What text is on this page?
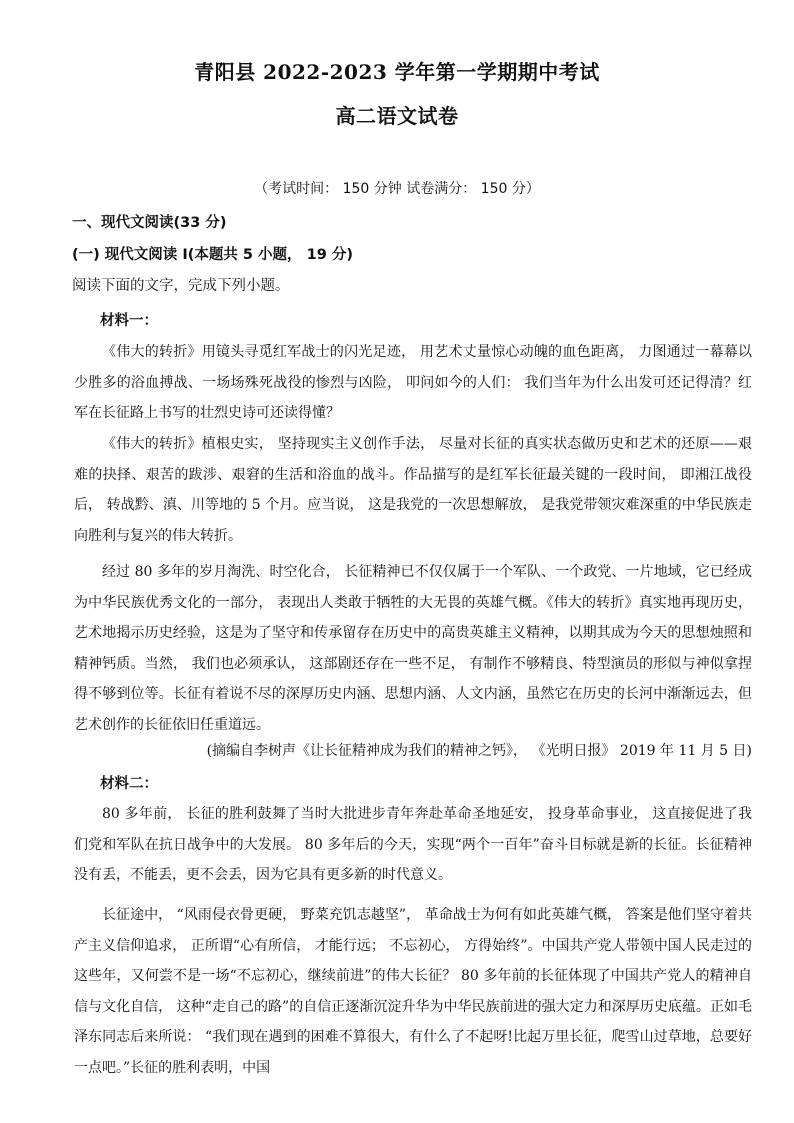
青阳县 2022-2023 学年第一学期期中考试
高二语文试卷
（考试时间： 150 分钟 试卷满分： 150 分）
一、现代文阅读(33 分)
(一) 现代文阅读 Ⅰ(本题共 5 小题， 19 分)
阅读下面的文字，完成下列小题。
材料一：

《伟大的转折》用镜头寻觅红军战士的闪光足迹， 用艺术丈量惊心动魄的血色距离， 力图通过一幕幕以少胜多的浴血搏战、一场场殊死战役的惨烈与凶险， 叩问如今的人们： 我们当年为什么出发可还记得清？红军在长征路上书写的壮烈史诗可还读得懂？

《伟大的转折》植根史实， 坚持现实主义创作手法， 尽量对长征的真实状态做历史和艺术的还原——艰难的抉择、艰苦的跋涉、艰窘的生活和浴血的战斗。作品描写的是红军长征最关键的一段时间， 即湘江战役后， 转战黔、滇、川等地的 5 个月。应当说， 这是我党的一次思想解放， 是我党带领灾难深重的中华民族走向胜利与复兴的伟大转折。

经过 80 多年的岁月淘洗、时空化合， 长征精神已不仅仅属于一个军队、一个政党、一片地域，它已经成为中华民族优秀文化的一部分， 表现出人类敢于牺牲的大无畏的英雄气概。《伟大的转折》真实地再现历史，艺术地揭示历史经验，这是为了坚守和传承留存在历史中的高贵英雄主义精神，以期其成为今天的思想烛照和精神钙质。当然， 我们也必须承认， 这部剧还存在一些不足， 有制作不够精良、特型演员的形似与神似拿捏得不够到位等。长征有着说不尽的深厚历史内涵、思想内涵、人文内涵，虽然它在历史的长河中渐渐远去，但艺术创作的长征依旧任重道远。

(摘编自李树声《让长征精神成为我们的精神之钙》， 《光明日报》 2019 年 11 月 5 日)
材料二：

80 多年前， 长征的胜利鼓舞了当时大批进步青年奔赴革命圣地延安， 投身革命事业， 这直接促进了我们党和军队在抗日战争中的大发展。 80 多年后的今天，实现“两个一百年”奋斗目标就是新的长征。长征精神没有丢，不能丢，更不会丢，因为它具有更多新的时代意义。

长征途中， “风雨侵衣骨更硬， 野菜充饥志越坚”， 革命战士为何有如此英雄气概， 答案是他们坚守着共产主义信仰追求， 正所谓“心有所信， 才能行远； 不忘初心， 方得始终”。中国共产党人带领中国人民走过的这些年，又何尝不是一场“不忘初心，继续前进”的伟大长征？ 80 多年前的长征体现了中国共产党人的精神自信与文化自信， 这种“走自己的路”的自信正逐渐沉淀升华为中华民族前进的强大定力和深厚历史底蕴。正如毛泽东同志后来所说： “我们现在遇到的困难不算很大，有什么了不起呀!比起万里长征，爬雪山过草地，总要好一点吧。”长征的胜利表明，中国
